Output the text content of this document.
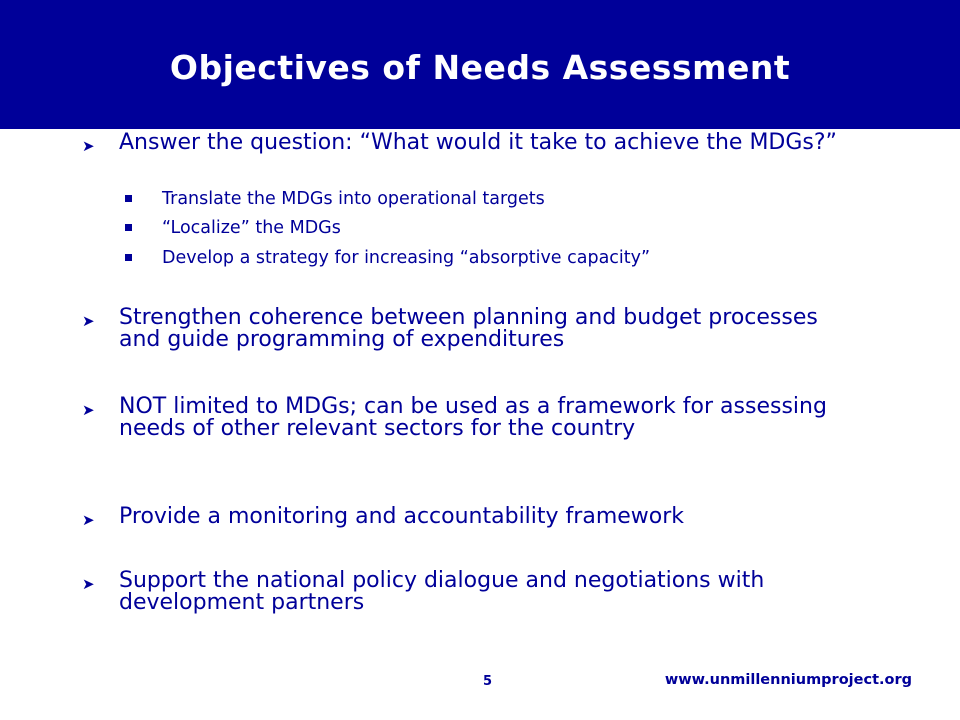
Objectives of Needs Assessment
➤ Answer the question: “What would it take to achieve the MDGs?”
Translate the MDGs into operational targets
“Localize” the MDGs
Develop a strategy for increasing “absorptive capacity”
➤ Strengthen coherence between planning and budget processes and guide programming of expenditures
➤ NOT limited to MDGs; can be used as a framework for assessing needs of other relevant sectors for the country
➤ Provide a monitoring and accountability framework
➤ Support the national policy dialogue and negotiations with development partners
5	www.unmillenniumproject.org
